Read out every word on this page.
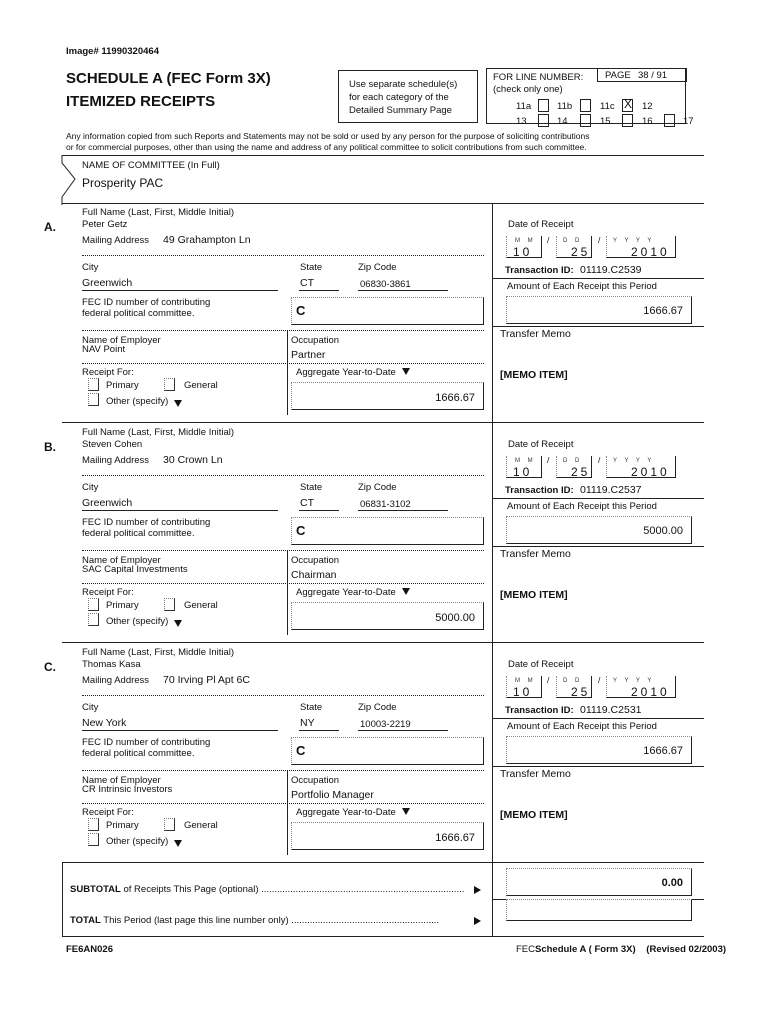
Image# 11990320464
SCHEDULE A (FEC Form 3X)
ITEMIZED RECEIPTS
Use separate schedule(s)
for each category of the
Detailed Summary Page
FOR LINE NUMBER:
(check only one)
PAGE 38 / 91
11a	11b	11c X 12
13	14	15	16	17
Any information copied from such Reports and Statements may not be sold or used by any person for the purpose of soliciting contributions
or for commercial purposes, other than using the name and address of any political committee to solicit contributions from such committee.
NAME OF COMMITTEE (In Full)
Prosperity PAC
A.
Full Name (Last, First, Middle Initial)
Peter Getz
Mailing Address 49 Grahampton Ln
City
Greenwich
State
CT
Zip Code
06830-3861
FEC ID number of contributing
federal political committee.	C
Name of Employer
NAV Point
Occupation
Partner
Receipt For:
Primary	General
Other (specify)
Aggregate Year-to-Date
1666.67
Date of Receipt
M M
10
/ D D
25
/ Y Y Y Y
2010
Transaction ID: 01119.C2539
Amount of Each Receipt this Period
1666.67
Transfer Memo
[MEMO ITEM]
B.
Full Name (Last, First, Middle Initial)
Steven Cohen
Mailing Address 30 Crown Ln
City
Greenwich
State
CT
Zip Code
06831-3102
FEC ID number of contributing
federal political committee.	C
Name of Employer
SAC Capital Investments
Occupation
Chairman
Receipt For:
Primary	General
Other (specify)
Aggregate Year-to-Date
5000.00
Date of Receipt
M M
10
/ D D
25
/ Y Y Y Y
2010
Transaction ID: 01119.C2537
Amount of Each Receipt this Period
5000.00
Transfer Memo
[MEMO ITEM]
C.
Full Name (Last, First, Middle Initial)
Thomas Kasa
Mailing Address 70 Irving Pl Apt 6C
City
New York
State
NY
Zip Code
10003-2219
FEC ID number of contributing
federal political committee.	C
Name of Employer
CR Intrinsic Investors
Occupation
Portfolio Manager
Receipt For:
Primary	General
Other (specify)
Aggregate Year-to-Date
1666.67
Date of Receipt
M M
10
/ D D
25
/ Y Y Y Y
2010
Transaction ID: 01119.C2531
Amount of Each Receipt this Period
1666.67
Transfer Memo
[MEMO ITEM]
SUBTOTAL of Receipts This Page (optional) .............................................................................
0.00
TOTAL This Period (last page this line number only) ........................................................
FE6AN026	FECSchedule A ( Form 3X) (Revised 02/2003)
